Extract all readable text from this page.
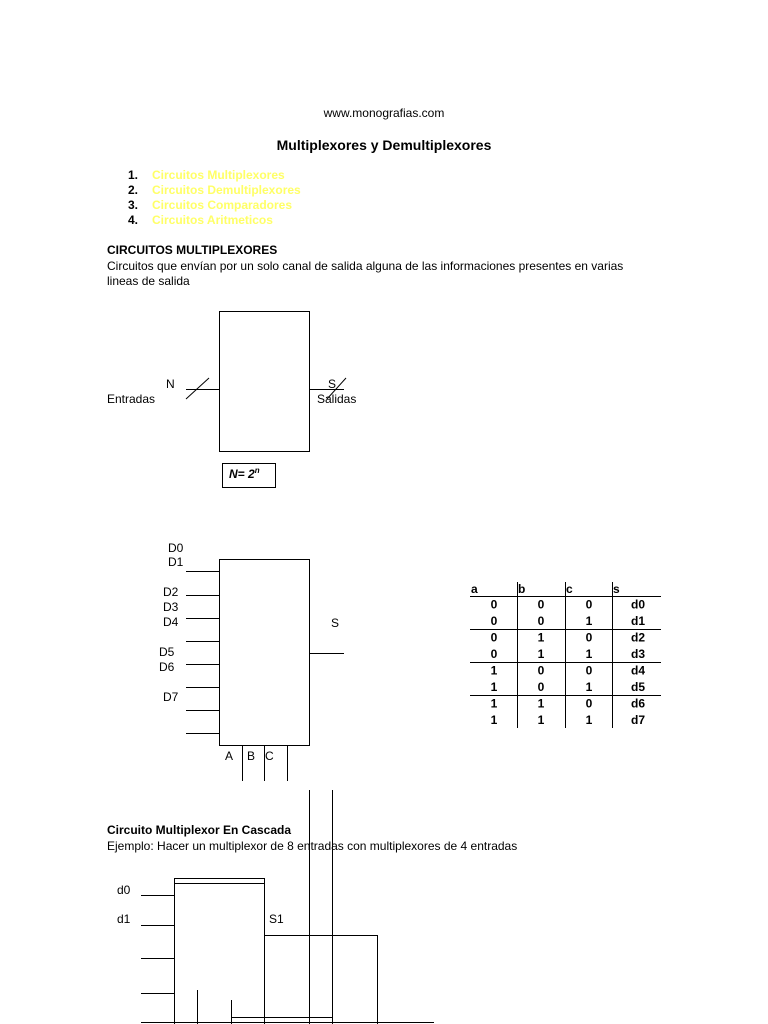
www.monografias.com
Multiplexores y Demultiplexores
1. Circuitos Multiplexores
2. Circuitos Demultiplexores
3. Circuitos Comparadores
4. Circuitos Aritmeticos
CIRCUITOS MULTIPLEXORES
Circuitos que envían por un solo canal de salida alguna de las informaciones presentes en varias
lineas de salida
N
Entradas
S
Salidas
$N= 2^n$
D0
D1
D2
D3
D4
D5
D6
D7
S
A B C
a	b	c	s
0	0	0	d0
0	0	1	d1
0	1	0	d2
0	1	1	d3
1	0	0	d4
1	0	1	d5
1	1	0	d6
1	1	1	d7
Circuito Multiplexor En Cascada
Ejemplo: Hacer un multiplexor de 8 entradas con multiplexores de 4 entradas
d0
d1	S1
